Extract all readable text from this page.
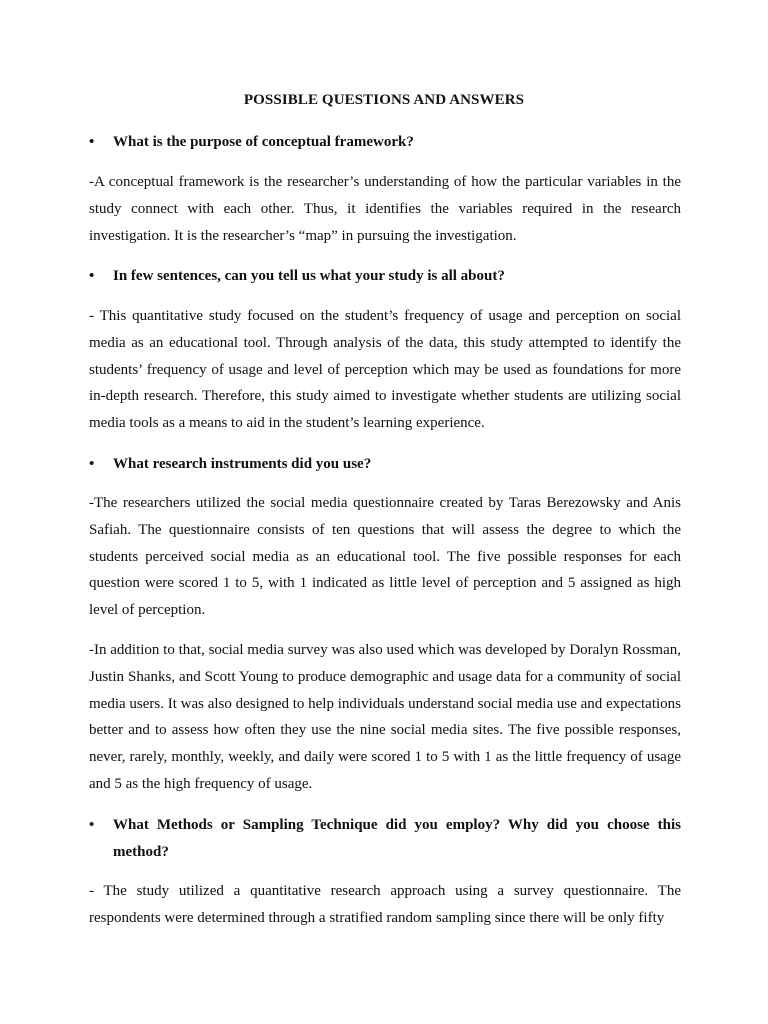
POSSIBLE QUESTIONS AND ANSWERS
•	What is the purpose of conceptual framework?

-A conceptual framework is the researcher’s understanding of how the particular variables in the study connect with each other. Thus, it identifies the variables required in the research investigation. It is the researcher’s “map” in pursuing the investigation.

•	In few sentences, can you tell us what your study is all about?

- This quantitative study focused on the student’s frequency of usage and perception on social media as an educational tool. Through analysis of the data, this study attempted to identify the students’ frequency of usage and level of perception which may be used as foundations for more in-depth research. Therefore, this study aimed to investigate whether students are utilizing social media tools as a means to aid in the student’s learning experience.

•	What research instruments did you use?

-The researchers utilized the social media questionnaire created by Taras Berezowsky and Anis Safiah. The questionnaire consists of ten questions that will assess the degree to which the students perceived social media as an educational tool. The five possible responses for each question were scored 1 to 5, with 1 indicated as little level of perception and 5 assigned as high level of perception.

-In addition to that, social media survey was also used which was developed by Doralyn Rossman, Justin Shanks, and Scott Young to produce demographic and usage data for a community of social media users. It was also designed to help individuals understand social media use and expectations better and to assess how often they use the nine social media sites. The five possible responses, never, rarely, monthly, weekly, and daily were scored 1 to 5 with 1 as the little frequency of usage and 5 as the high frequency of usage.

•	What Methods or Sampling Technique did you employ? Why did you choose this method?

- The study utilized a quantitative research approach using a survey questionnaire. The respondents were determined through a stratified random sampling since there will be only fifty
